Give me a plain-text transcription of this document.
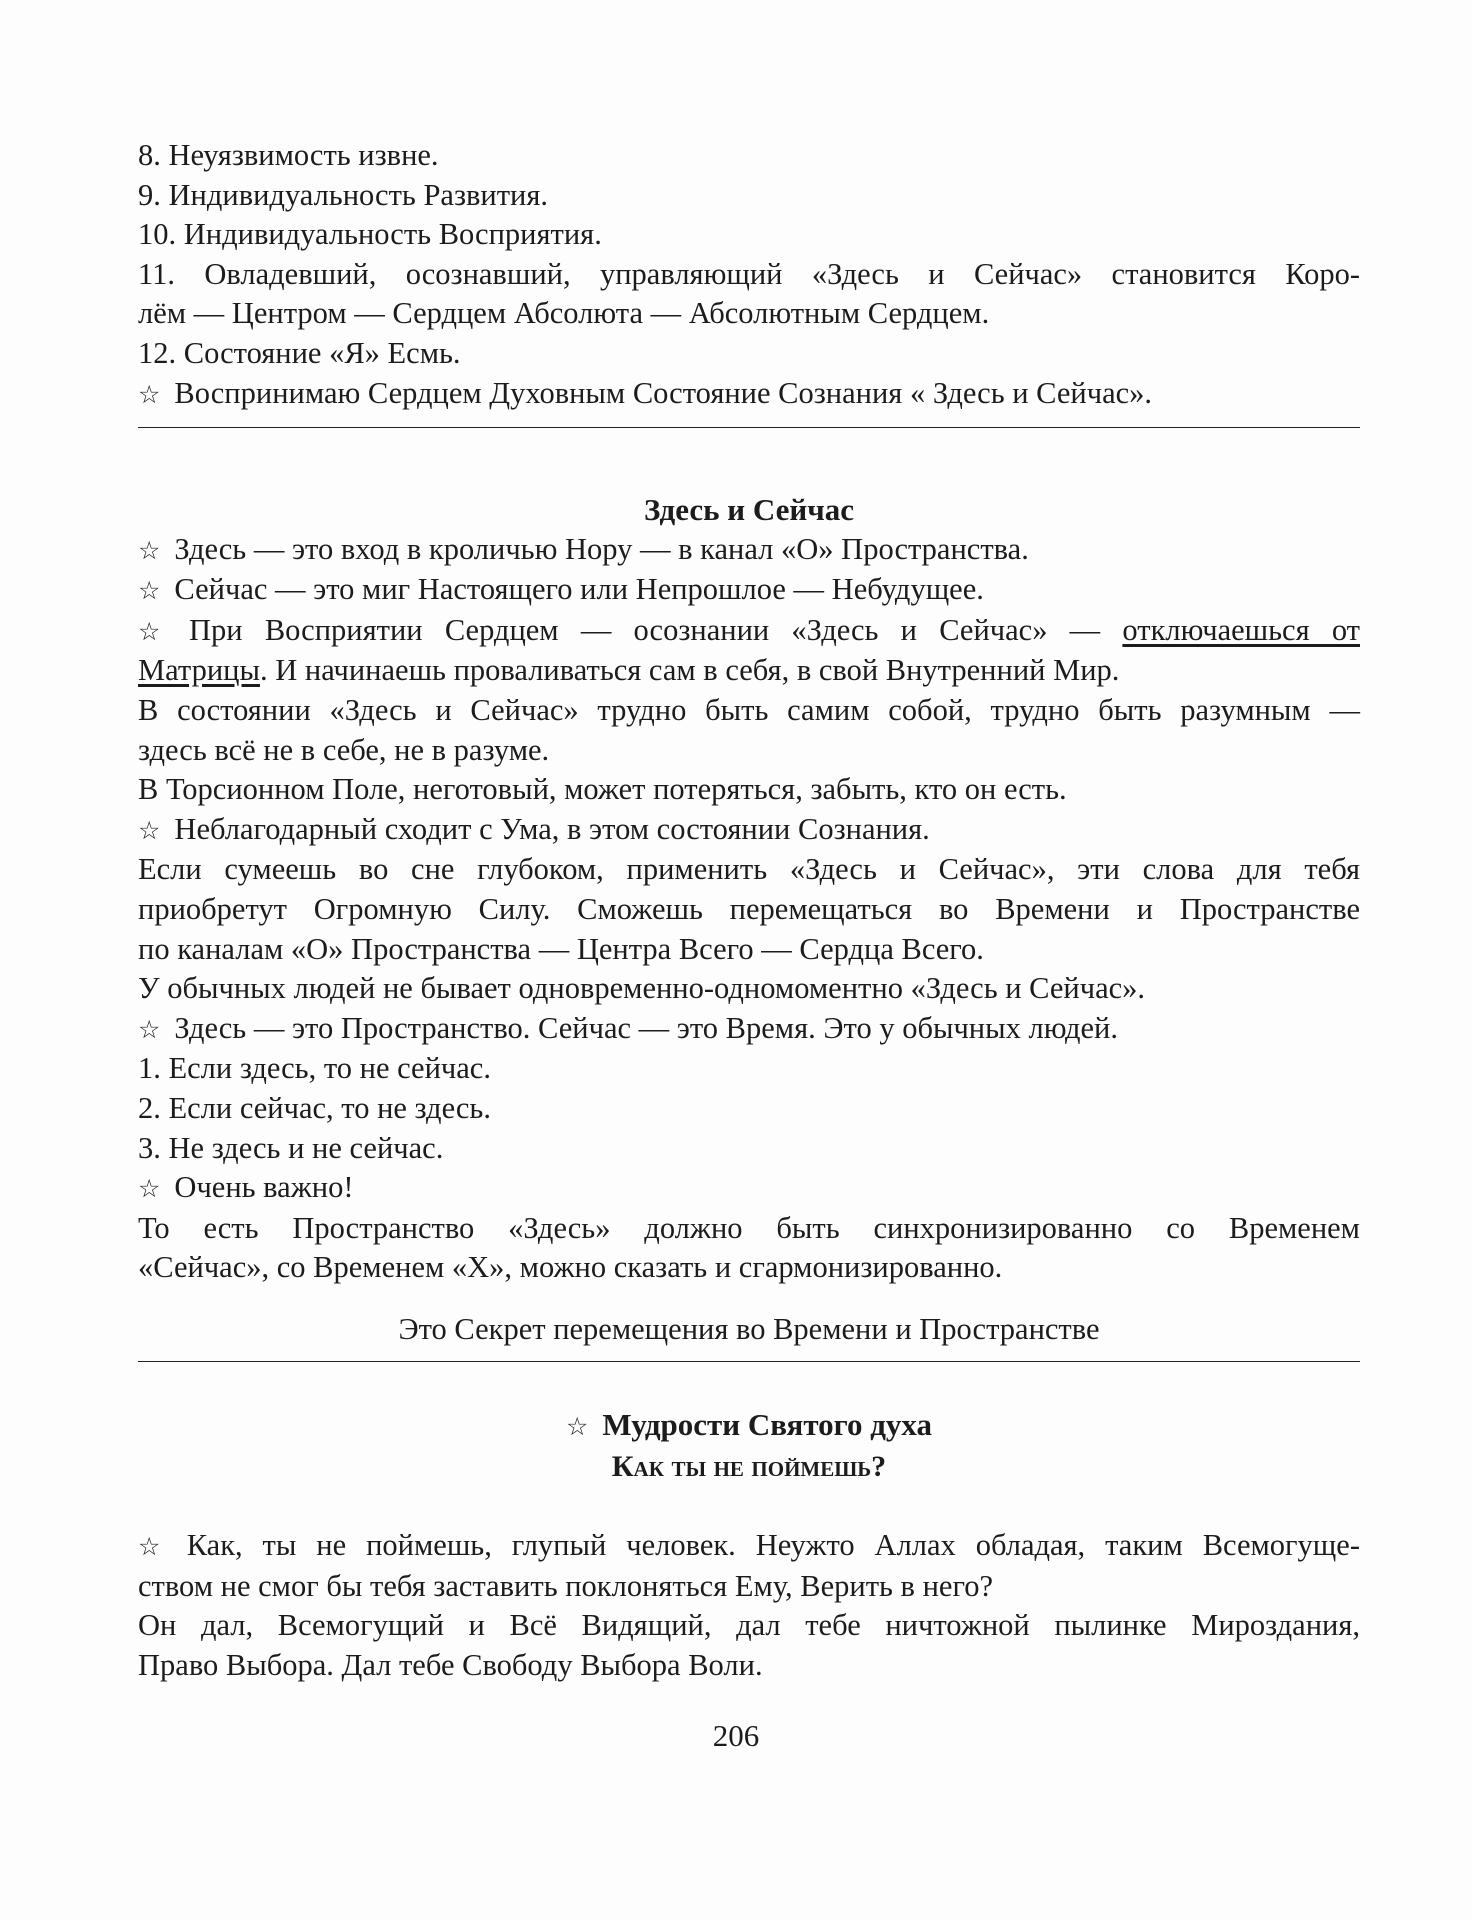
8. Неуязвимость извне.

9. Индивидуальность Развития.

10. Индивидуальность Восприятия.

11. Овладевший, осознавший, управляющий «Здесь и Сейчас» становится Коро-

лём — Центром — Сердцем Абсолюта — Абсолютным Сердцем.

12. Состояние «Я» Есмь.

☆ Воспринимаю Сердцем Духовным Состояние Сознания « Здесь и Сейчас».

Здесь и Сейчас

☆ Здесь — это вход в кроличью Нору — в канал «О» Пространства.

☆ Сейчас — это миг Настоящего или Непрошлое — Небудущее.

☆ При Восприятии Сердцем — осознании «Здесь и Сейчас» — отключаешься от

Матрицы. И начинаешь проваливаться сам в себя, в свой Внутренний Мир.

В состоянии «Здесь и Сейчас» трудно быть самим собой, трудно быть разумным —

здесь всё не в себе, не в разуме.

В Торсионном Поле, неготовый, может потеряться, забыть, кто он есть.

☆ Неблагодарный сходит с Ума, в этом состоянии Сознания.

Если сумеешь во сне глубоком, применить «Здесь и Сейчас», эти слова для тебя

приобретут Огромную Силу. Сможешь перемещаться во Времени и Пространстве

по каналам «О» Пространства — Центра Всего — Сердца Всего.

У обычных людей не бывает одновременно-одномоментно «Здесь и Сейчас».

☆ Здесь — это Пространство. Сейчас — это Время. Это у обычных людей.

1. Если здесь, то не сейчас.

2. Если сейчас, то не здесь.

3. Не здесь и не сейчас.

☆ Очень важно!

То есть Пространство «Здесь» должно быть синхронизированно со Временем

«Сейчас», со Временем «Х», можно сказать и сгармонизированно.

Это Секрет перемещения во Времени и Пространстве

☆ Мудрости Святого духа

Как ты не поймешь?

☆ Как, ты не поймешь, глупый человек. Неужто Аллах обладая, таким Всемогуще-

ством не смог бы тебя заставить поклоняться Ему, Верить в него?

Он дал, Всемогущий и Всё Видящий, дал тебе ничтожной пылинке Мироздания,

Право Выбора. Дал тебе Свободу Выбора Воли.

206
